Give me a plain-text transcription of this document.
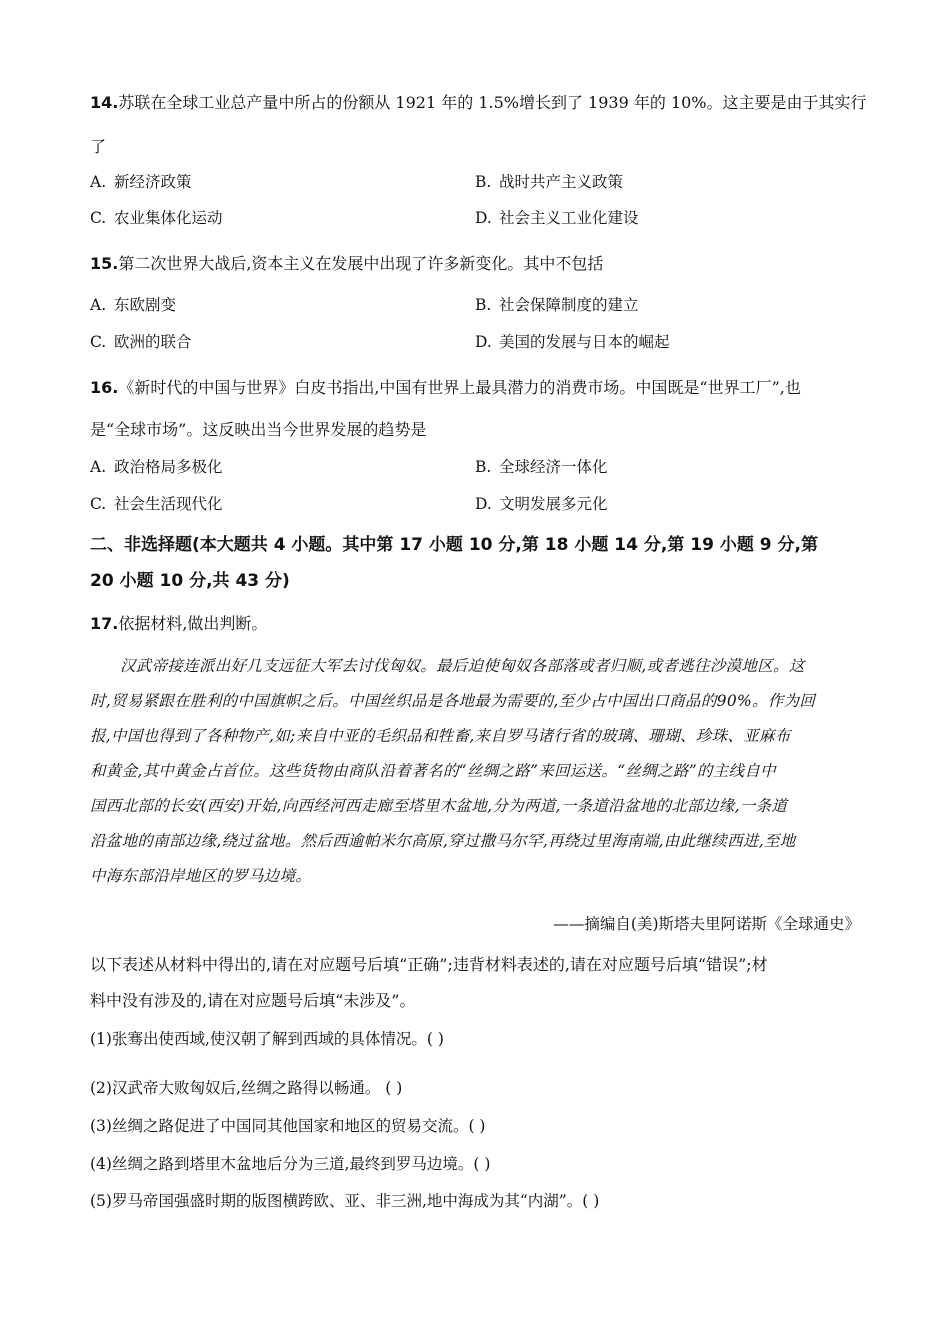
14.苏联在全球工业总产量中所占的份额从 1921 年的 1.5%增长到了 1939 年的 10%。这主要是由于其实行
了
A. 新经济政策	B. 战时共产主义政策
C. 农业集体化运动	D. 社会主义工业化建设
15.第二次世界大战后,资本主义在发展中出现了许多新变化。其中不包括
A. 东欧剧变	B. 社会保障制度的建立
C. 欧洲的联合	D. 美国的发展与日本的崛起
16.《新时代的中国与世界》白皮书指出,中国有世界上最具潜力的消费市场。中国既是“世界工厂”,也
是“全球市场”。这反映出当今世界发展的趋势是
A. 政治格局多极化	B. 全球经济一体化
C. 社会生活现代化	D. 文明发展多元化
二、非选择题(本大题共 4 小题。其中第 17 小题 10 分,第 18 小题 14 分,第 19 小题 9 分,第
20 小题 10 分,共 43 分)
17.依据材料,做出判断。
汉武帝接连派出好几支远征大军去讨伐匈奴。最后迫使匈奴各部落或者归顺,或者逃往沙漠地区。这
时,贸易紧跟在胜利的中国旗帜之后。中国丝织品是各地最为需要的,至少占中国出口商品的90%。作为回
报,中国也得到了各种物产,如;来自中亚的毛织品和牲畜,来自罗马诸行省的玻璃、珊瑚、珍珠、亚麻布
和黄金,其中黄金占首位。这些货物由商队沿着著名的“丝绸之路”来回运送。“丝绸之路”的主线自中
国西北部的长安(西安)开始,向西经河西走廊至塔里木盆地,分为两道,一条道沿盆地的北部边缘,一条道
沿盆地的南部边缘,绕过盆地。然后西逾帕米尔高原,穿过撒马尔罕,再绕过里海南端,由此继续西进,至地
中海东部沿岸地区的罗马边境。
——摘编自(美)斯塔夫里阿诺斯《全球通史》
以下表述从材料中得出的,请在对应题号后填“正确”;违背材料表述的,请在对应题号后填“错误”;材
料中没有涉及的,请在对应题号后填“未涉及”。
(1)张骞出使西域,使汉朝了解到西域的具体情况。( )
(2)汉武帝大败匈奴后,丝绸之路得以畅通。 ( )
(3)丝绸之路促进了中国同其他国家和地区的贸易交流。( )
(4)丝绸之路到塔里木盆地后分为三道,最终到罗马边境。( )
(5)罗马帝国强盛时期的版图横跨欧、亚、非三洲,地中海成为其“内湖”。( )
